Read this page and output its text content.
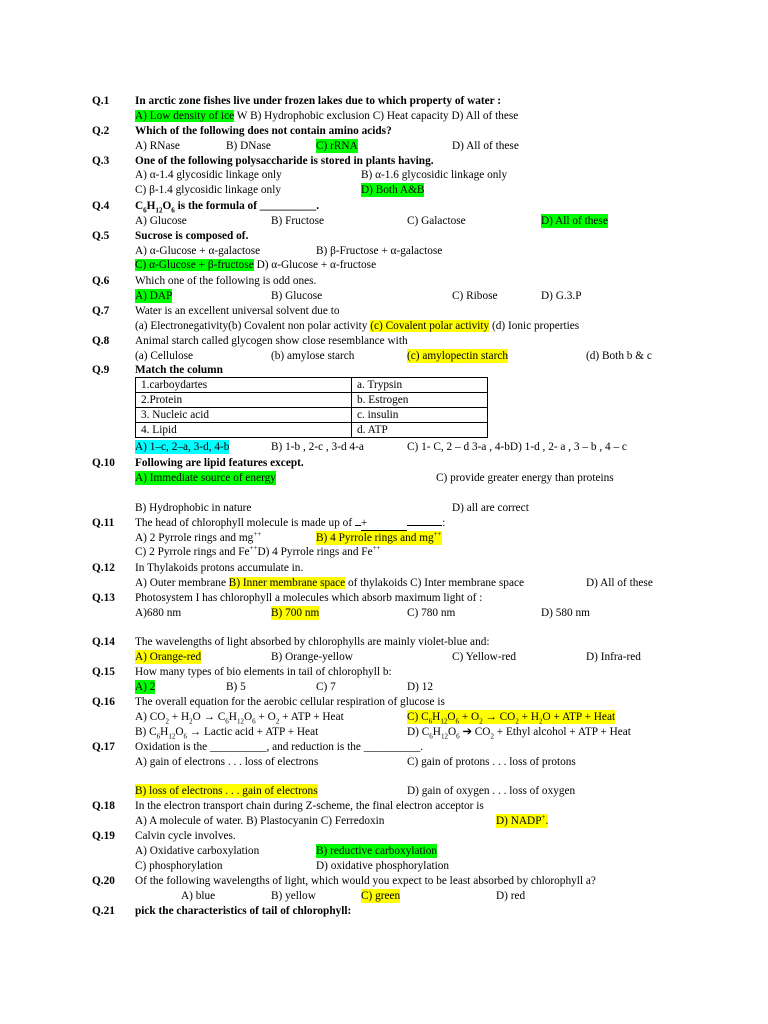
Q.1 In arctic zone fishes live under frozen lakes due to which property of water :
A) Low density of ice W B) Hydrophobic exclusion C) Heat capacity D) All of these
Q.2 Which of the following does not contain amino acids?
A) RNase	B) DNase	C) rRNA	D) All of these
Q.3 One of the following polysaccharide is stored in plants having.
A) α-1.4 glycosidic linkage only	B) α-1.6 glycosidic linkage only
C) β-1.4 glycosidic linkage only	D) Both A&B
Q.4 $C_6H_{12}O_6$ is the formula of __________.
A) Glucose	B) Fructose	C) Galactose	D) All of these
Q.5 Sucrose is composed of.
A) α-Glucose + α-galactose	B) β-Fructose + α-galactose
C) α-Glucose + β-fructose D) α-Glucose + α-fructose
Q.6 Which one of the following is odd ones.
A) DAP	B) Glucose	C) Ribose	D) G.3.P
Q.7 Water is an excellent universal solvent due to
(a) Electronegativity(b) Covalent non polar activity (c) Covalent polar activity (d) Ionic properties
Q.8 Animal starch called glycogen show close resemblance with
(a) Cellulose	(b) amylose starch	(c) amylopectin starch	(d) Both b & c
Q.9 Match the column
1.carboydartes	a. Trypsin
2.Protein	b. Estrogen
3. Nucleic acid	c. insulin
4. Lipid	d. ATP
A) 1–c, 2–a, 3-d, 4-b	B) 1-b , 2-c , 3-d 4-a	C) 1- C, 2 – d 3-a , 4-bD) 1-d , 2- a , 3 – b , 4 – c
Q.10 Following are lipid features except.
A) Immediate source of energy	C) provide greater energy than proteins
B) Hydrophobic in nature	D) all are correct
Q.11 The head of chlorophyll molecule is made up of +	:
A) 2 Pyrrole rings and mg++	B) 4 Pyrrole rings and mg++
C) 2 Pyrrole rings and Fe++D) 4 Pyrrole rings and Fe++
Q.12 In Thylakoids protons accumulate in.
A) Outer membrane B) Inner membrane space of thylakoids C) Inter membrane space	D) All of these
Q.13 Photosystem I has chlorophyll a molecules which absorb maximum light of :
A)680 nm	B) 700 nm	C) 780 nm	D) 580 nm
Q.14 The wavelengths of light absorbed by chlorophylls are mainly violet-blue and:
A) Orange-red	B) Orange-yellow	C) Yellow-red	D) Infra-red
Q.15 How many types of bio elements in tail of chlorophyll b:
A) 2	B) 5	C) 7	D) 12
Q.16 The overall equation for the aerobic cellular respiration of glucose is
A) $CO_2 + H_2O \to C_6H_{12}O_6 + O_2$ + ATP + Heat	C) $C_6H_{12}O_6 + O_2 \to CO_2 + H_2O$ + ATP + Heat
B) $C_6H_{12}O_6$ → Lactic acid + ATP + Heat	D) $C_6H_{12}O_6$ ➔ $CO_2$ + Ethyl alcohol + ATP + Heat
Q.17 Oxidation is the __________, and reduction is the __________.
A) gain of electrons . . . loss of electrons	C) gain of protons . . . loss of protons
B) loss of electrons . . . gain of electrons	D) gain of oxygen . . . loss of oxygen
Q.18 In the electron transport chain during Z-scheme, the final electron acceptor is
A) A molecule of water. B) Plastocyanin C) Ferredoxin	D) NADP+.
Q.19 Calvin cycle involves.
A) Oxidative carboxylation	B) reductive carboxylation
C) phosphorylation	D) oxidative phosphorylation
Q.20 Of the following wavelengths of light, which would you expect to be least absorbed by chlorophyll a?
A) blue	B) yellow	C) green	D) red
Q.21 pick the characteristics of tail of chlorophyll:
